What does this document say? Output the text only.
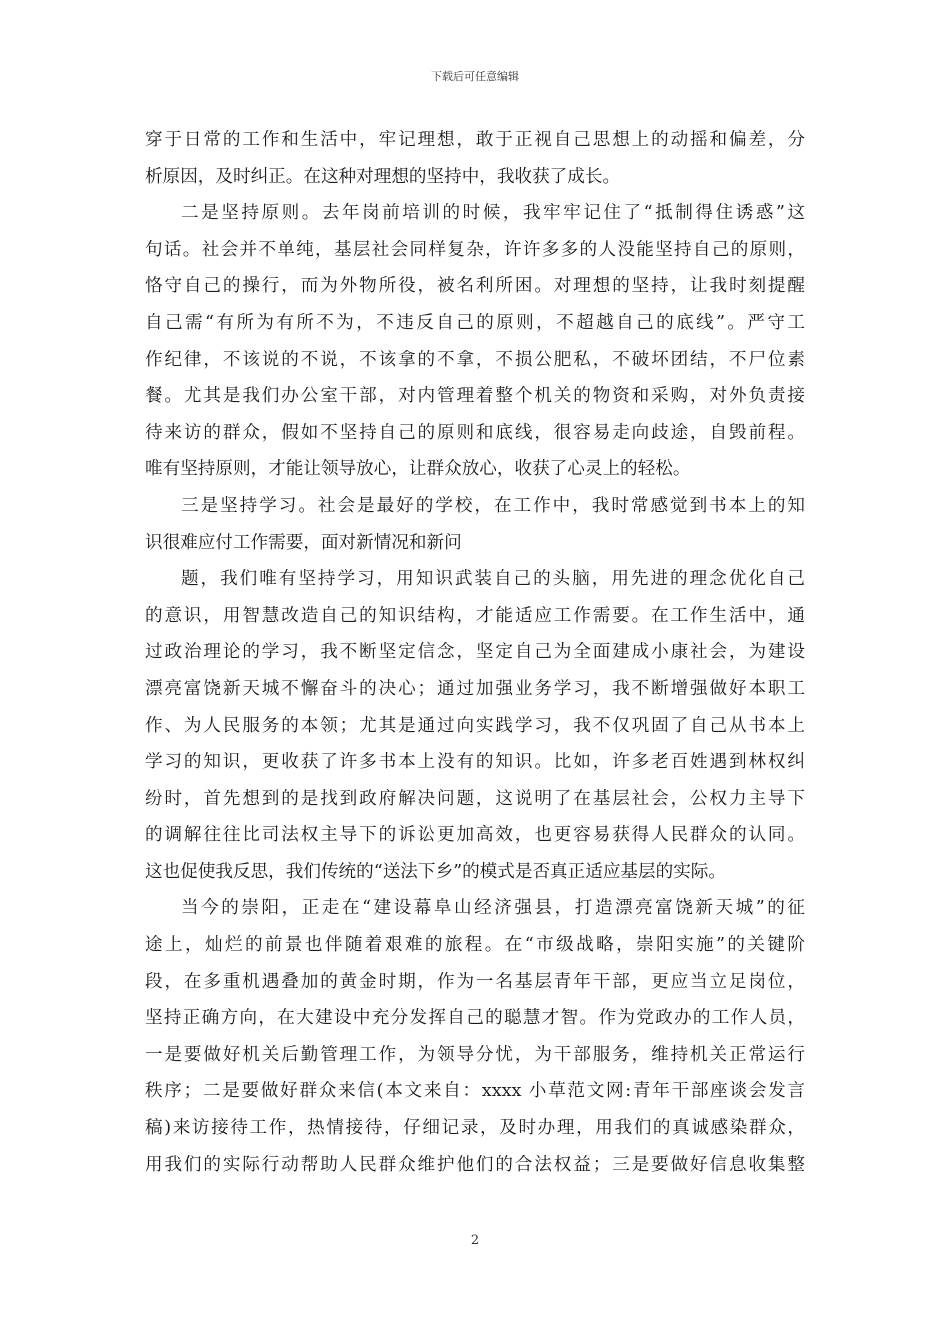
下载后可任意编辑
穿于日常的工作和生活中，牢记理想，敢于正视自己思想上的动摇和偏差，分
析原因，及时纠正。在这种对理想的坚持中，我收获了成长。
二是坚持原则。去年岗前培训的时候，我牢牢记住了“抵制得住诱惑”这
句话。社会并不单纯，基层社会同样复杂，许许多多的人没能坚持自己的原则，
恪守自己的操行，而为外物所役，被名利所困。对理想的坚持，让我时刻提醒
自己需“有所为有所不为，不违反自己的原则，不超越自己的底线”。严守工
作纪律，不该说的不说，不该拿的不拿，不损公肥私，不破坏团结，不尸位素
餐。尤其是我们办公室干部，对内管理着整个机关的物资和采购，对外负责接
待来访的群众，假如不坚持自己的原则和底线，很容易走向歧途，自毁前程。
唯有坚持原则，才能让领导放心，让群众放心，收获了心灵上的轻松。
三是坚持学习。社会是最好的学校，在工作中，我时常感觉到书本上的知
识很难应付工作需要，面对新情况和新问
题，我们唯有坚持学习，用知识武装自己的头脑，用先进的理念优化自己
的意识，用智慧改造自己的知识结构，才能适应工作需要。在工作生活中，通
过政治理论的学习，我不断坚定信念，坚定自己为全面建成小康社会，为建设
漂亮富饶新天城不懈奋斗的决心；通过加强业务学习，我不断增强做好本职工
作、为人民服务的本领；尤其是通过向实践学习，我不仅巩固了自己从书本上
学习的知识，更收获了许多书本上没有的知识。比如，许多老百姓遇到林权纠
纷时，首先想到的是找到政府解决问题，这说明了在基层社会，公权力主导下
的调解往往比司法权主导下的诉讼更加高效，也更容易获得人民群众的认同。
这也促使我反思，我们传统的“送法下乡”的模式是否真正适应基层的实际。
当今的崇阳，正走在“建设幕阜山经济强县，打造漂亮富饶新天城”的征
途上，灿烂的前景也伴随着艰难的旅程。在“市级战略，崇阳实施”的关键阶
段，在多重机遇叠加的黄金时期，作为一名基层青年干部，更应当立足岗位，
坚持正确方向，在大建设中充分发挥自己的聪慧才智。作为党政办的工作人员，
一是要做好机关后勤管理工作，为领导分忧，为干部服务，维持机关正常运行
秩序；二是要做好群众来信(本文来自：xxxx 小草范文网:青年干部座谈会发言
稿)来访接待工作，热情接待，仔细记录，及时办理，用我们的真诚感染群众，
用我们的实际行动帮助人民群众维护他们的合法权益；三是要做好信息收集整
2
